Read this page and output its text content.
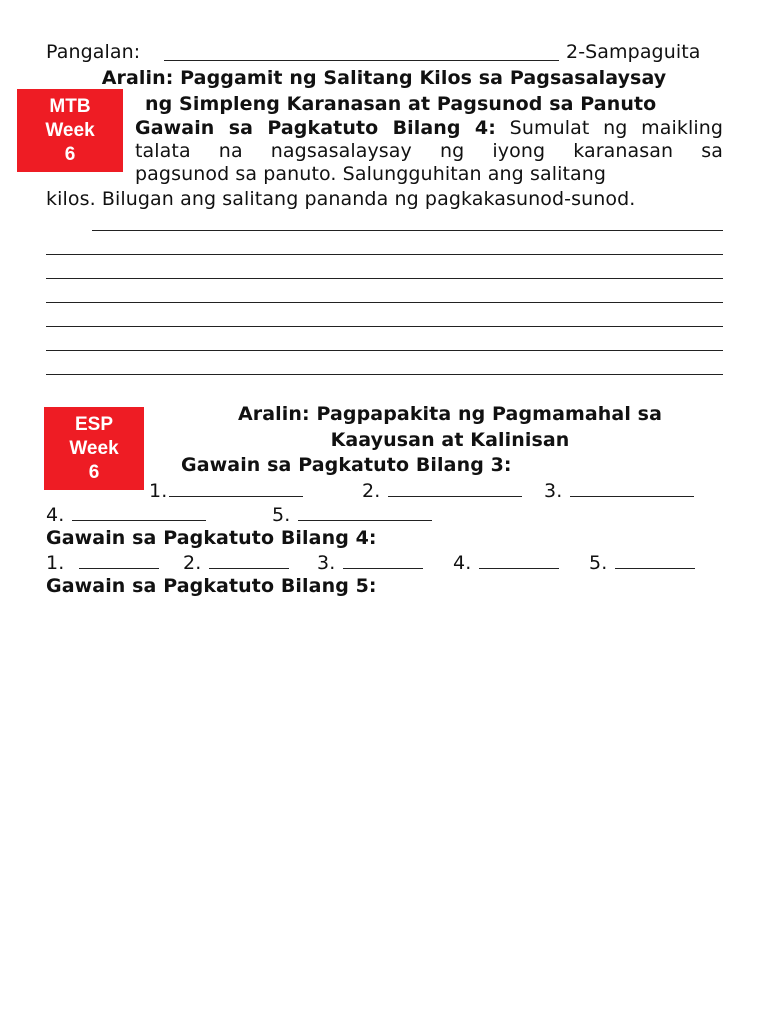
Pangalan:	2-Sampaguita
Aralin: Paggamit ng Salitang Kilos sa Pagsasalaysay
MTB
Week
6
ng Simpleng Karanasan at Pagsunod sa Panuto
Gawain sa Pagkatuto Bilang 4: Sumulat ng maikling
talata na nagsasalaysay ng iyong karanasan sa
pagsunod sa panuto. Salungguhitan ang salitang
kilos. Bilugan ang salitang pananda ng pagkakasunod-sunod.
ESP
Week
6
Aralin: Pagpapakita ng Pagmamahal sa
Kaayusan at Kalinisan
Gawain sa Pagkatuto Bilang 3:
1.	2.	3.
4.	5.
Gawain sa Pagkatuto Bilang 4:
1.	2.	3.	4.	5.
Gawain sa Pagkatuto Bilang 5:
